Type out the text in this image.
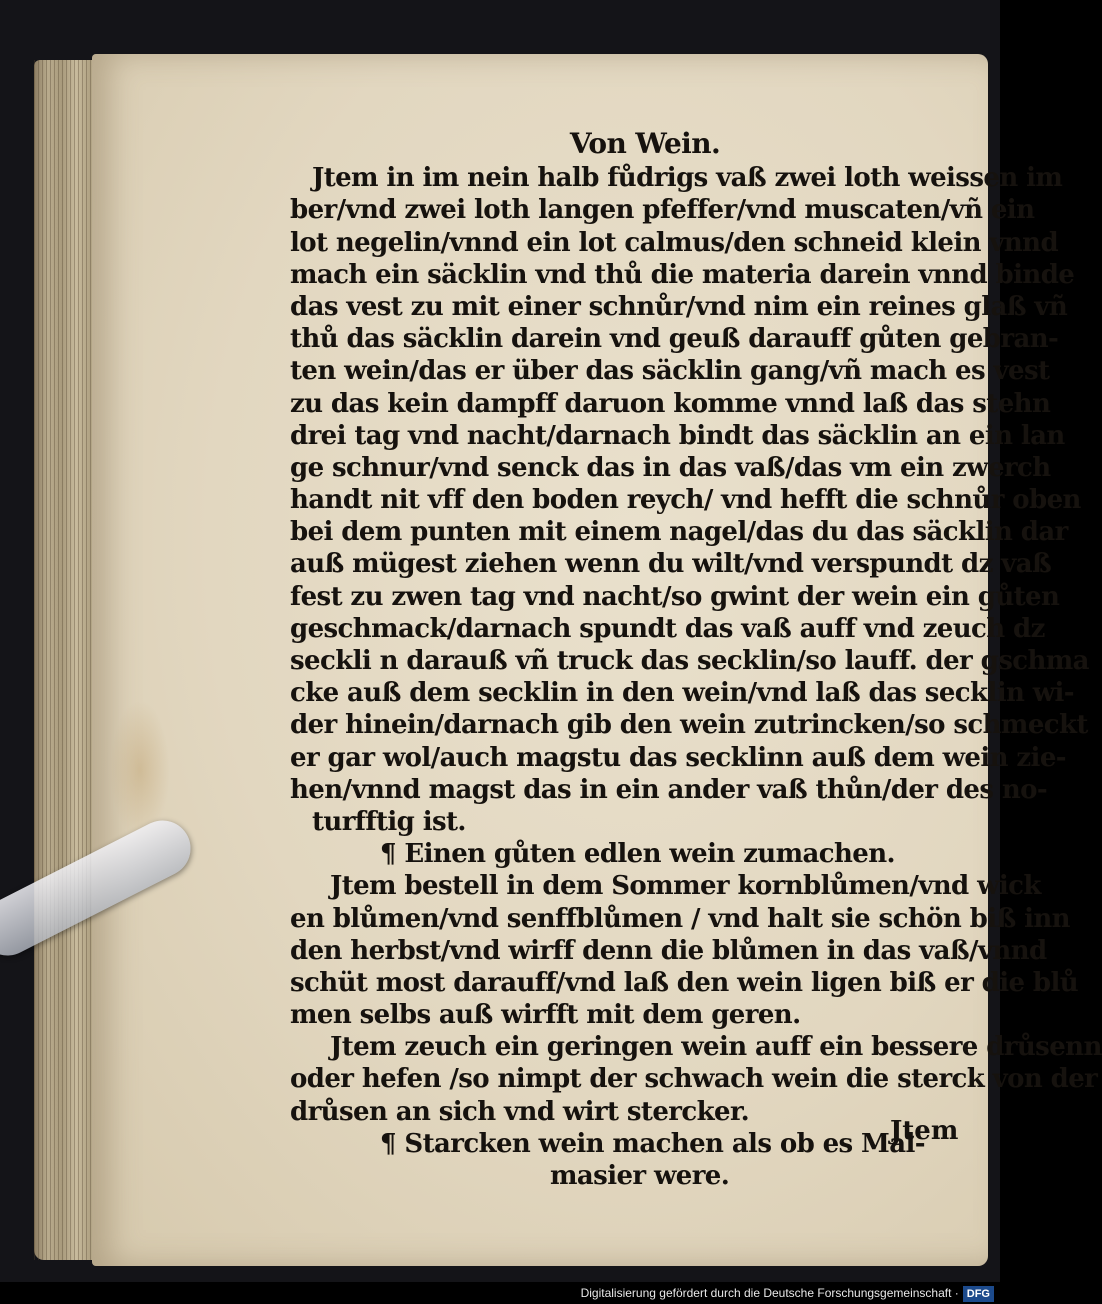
Von Wein.
Jtem in im nein halb fůdrigs vaß zwei loth weissen im
ber/vnd zwei loth langen pfeffer/vnd muscaten/vñ ein
lot negelin/vnnd ein lot calmus/den schneid klein vnnd
mach ein säcklin vnd thů die materia darein vnnd binde
das vest zu mit einer schnůr/vnd nim ein reines glaß vñ
thů das säcklin darein vnd geuß darauff gůten gebran-
ten wein/das er über das säcklin gang/vñ mach es vest
zu das kein dampff daruon komme vnnd laß das stehn
drei tag vnd nacht/darnach bindt das säcklin an ein lan
ge schnur/vnd senck das in das vaß/das vm ein zwerch
handt nit vff den boden reych/ vnd hefft die schnůr oben
bei dem punten mit einem nagel/das du das säcklin dar
auß mügest ziehen wenn du wilt/vnd verspundt dz vaß
fest zu zwen tag vnd nacht/so gwint der wein ein gůten
geschmack/darnach spundt das vaß auff vnd zeuch dz
seckli n darauß vñ truck das secklin/so lauff. der gschma
cke auß dem secklin in den wein/vnd laß das secklin wi-
der hinein/darnach gib den wein zutrincken/so schmeckt
er gar wol/auch magstu das secklinn auß dem wein zie-
hen/vnnd magst das in ein ander vaß thůn/der des no-
turfftig ist.
¶ Einen gůten edlen wein zumachen.
Jtem bestell in dem Sommer kornblůmen/vnd wick
en blůmen/vnd senffblůmen / vnd halt sie schön biß inn
den herbst/vnd wirff denn die blůmen in das vaß/vnnd
schüt most darauff/vnd laß den wein ligen biß er die blů
men selbs auß wirfft mit dem geren.
Jtem zeuch ein geringen wein auff ein bessere drůsenn
oder hefen /so nimpt der schwach wein die sterck von der
drůsen an sich vnd wirt stercker.
¶ Starcken wein machen als ob es Mal-
masier were.
Jtem
Digitalisierung gefördert durch die Deutsche Forschungsgemeinschaft · DFG
